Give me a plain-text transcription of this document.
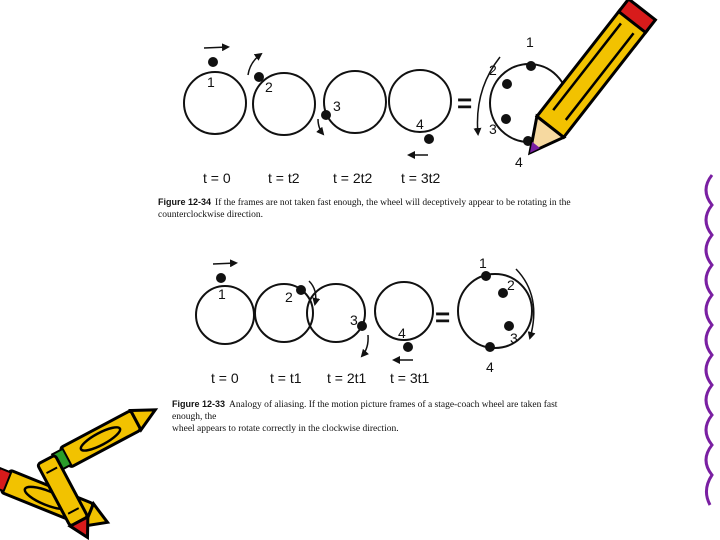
1	2
3
4
=
1
2
3
4
t = 0	t = t2 t = 2t2 t = 3t2
1	2
3
4
=
1
2
3
4
t = 0 t = t1 t = 2t1 t = 3t1
Figure 12-34 If the frames are not taken fast enough, the wheel will deceptively appear to be rotating in the
counterclockwise direction.
Figure 12-33 Analogy of aliasing. If the motion picture frames of a stage-coach wheel are taken fast enough, the
wheel appears to rotate correctly in the clockwise direction.
